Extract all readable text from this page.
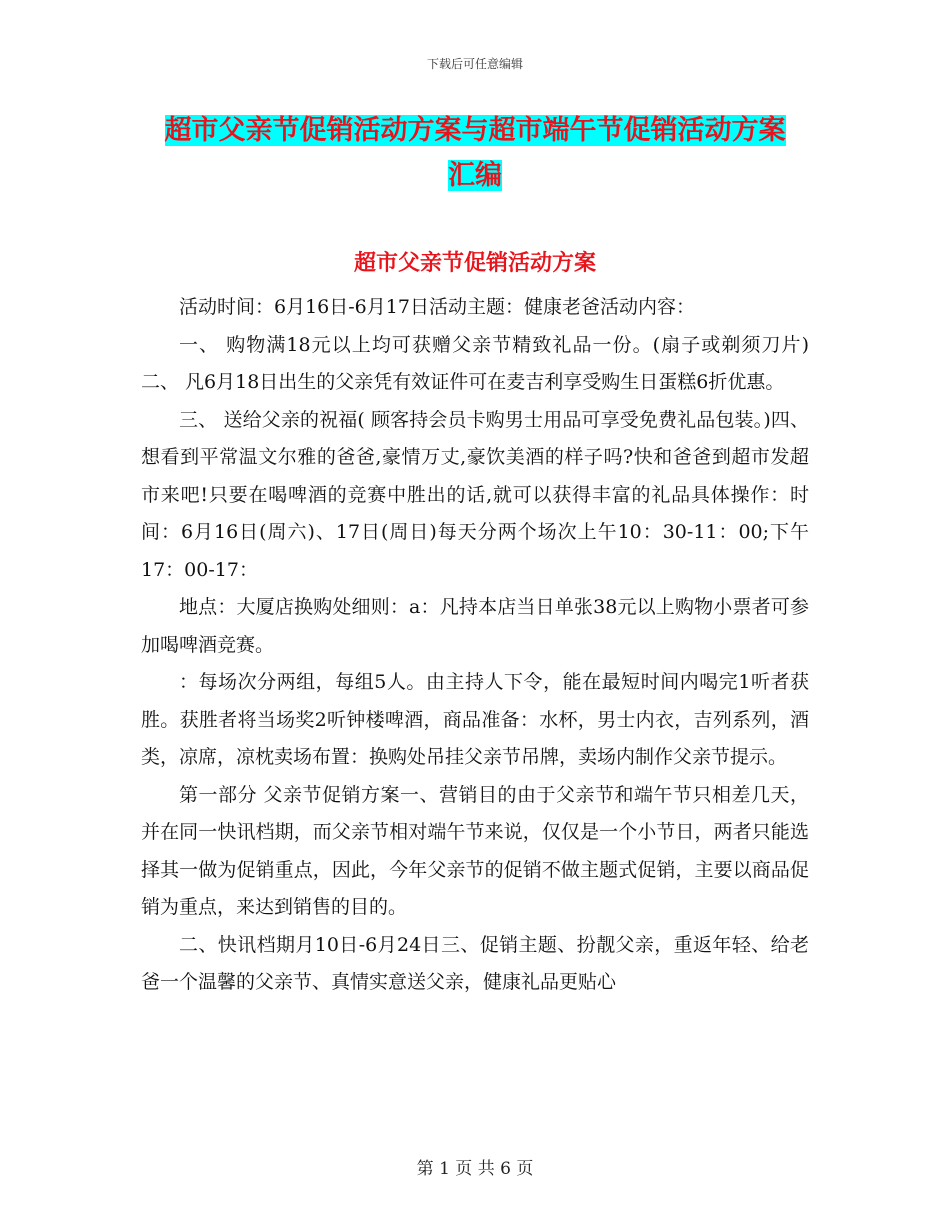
下载后可任意编辑
超市父亲节促销活动方案与超市端午节促销活动方案
汇编
超市父亲节促销活动方案

活动时间：6月16日-6月17日活动主题：健康老爸活动内容：

一、 购物满18元以上均可获赠父亲节精致礼品一份。(扇子或剃须刀片)二、 凡6月18日出生的父亲凭有效证件可在麦吉利享受购生日蛋糕6折优惠。

三、 送给父亲的祝福( 顾客持会员卡购男士用品可享受免费礼品包装。)四、 想看到平常温文尔雅的爸爸,豪情万丈,豪饮美酒的样子吗?快和爸爸到超市发超市来吧!只要在喝啤酒的竞赛中胜出的话,就可以获得丰富的礼品具体操作：时间：6月16日(周六)、17日(周日)每天分两个场次上午10：30-11：00;下午17：00-17：

地点：大厦店换购处细则：a：凡持本店当日单张38元以上购物小票者可参加喝啤酒竞赛。

：每场次分两组，每组5人。由主持人下令，能在最短时间内喝完1听者获胜。获胜者将当场奖2听钟楼啤酒，商品准备：水杯，男士内衣，吉列系列，酒类，凉席，凉枕卖场布置：换购处吊挂父亲节吊牌，卖场内制作父亲节提示。

第一部分 父亲节促销方案一、营销目的由于父亲节和端午节只相差几天，并在同一快讯档期，而父亲节相对端午节来说，仅仅是一个小节日，两者只能选择其一做为促销重点，因此，今年父亲节的促销不做主题式促销，主要以商品促销为重点，来达到销售的目的。

二、快讯档期月10日-6月24日三、促销主题、扮靓父亲，重返年轻、给老爸一个温馨的父亲节、真情实意送父亲，健康礼品更贴心

第 1 页 共 6 页
